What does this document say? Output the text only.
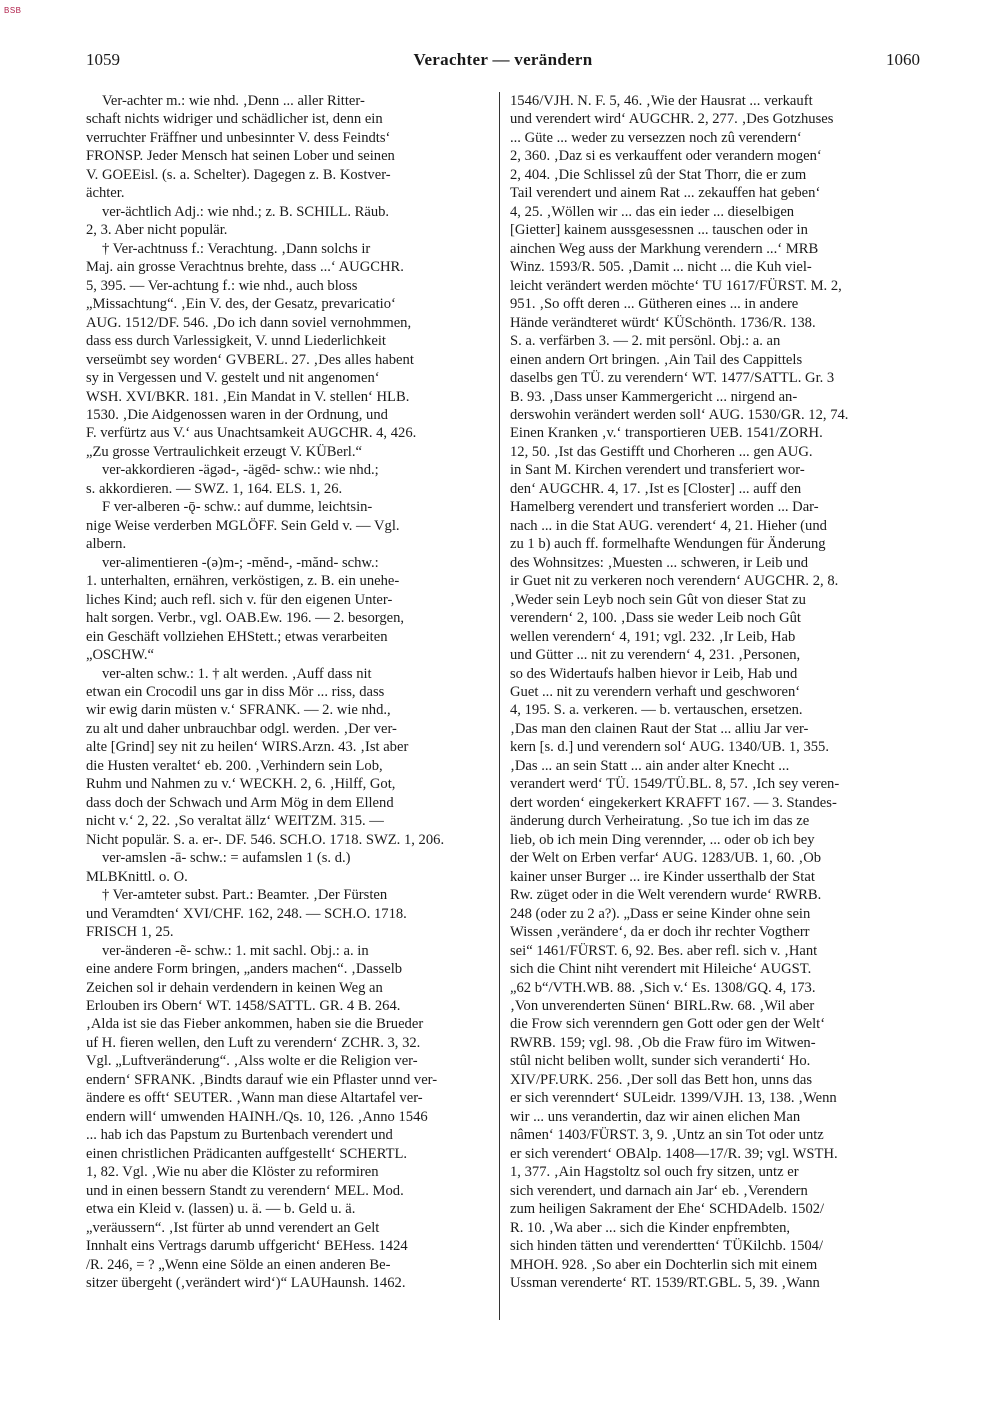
BSB
1059	Verachter — verändern	1060
Ver-achter m.: wie nhd. ‚Denn ... aller Ritter-
schaft nichts widriger und schädlicher ist, denn ein
verruchter Fräffner und unbesinnter V. dess Feindts‘
FRONSP. Jeder Mensch hat seinen Lober und seinen
V. GOEEisl. (s. a. Schelter). Dagegen z. B. Kostver-
ächter.
ver-ächtlich Adj.: wie nhd.; z. B. SCHILL. Räub.
2, 3. Aber nicht populär.
† Ver-achtnuss f.: Verachtung. ‚Dann solchs ir
Maj. ain grosse Verachtnus brehte, dass ...‘ AUGCHR.
5, 395. — Ver-achtung f.: wie nhd., auch bloss
„Missachtung“. ‚Ein V. des, der Gesatz, prevaricatio‘
AUG. 1512/DF. 546. ‚Do ich dann soviel vernohmmen,
dass ess durch Varlessigkeit, V. unnd Liederlichkeit
verseümbt sey worden‘ GVBERL. 27. ‚Des alles habent
sy in Vergessen und V. gestelt und nit angenomen‘
WSH. XVI/BKR. 181. ‚Ein Mandat in V. stellen‘ HLB.
1530. ‚Die Aidgenossen waren in der Ordnung, und
F. verfürtz aus V.‘ aus Unachtsamkeit AUGCHR. 4, 426.
„Zu grosse Vertraulichkeit erzeugt V. KÜBerl.“
ver-akkordieren -ägəd-, -ägēd- schw.: wie nhd.;
s. akkordieren. — SWZ. 1, 164. ELS. 1, 26.
F ver-alberen -ǭ- schw.: auf dumme, leichtsin-
nige Weise verderben MGLÖFF. Sein Geld v. — Vgl.
albern.
ver-alimentieren -(ə)m-; -mĕnd-, -mănd- schw.:
1. unterhalten, ernähren, verköstigen, z. B. ein unehe-
liches Kind; auch refl. sich v. für den eigenen Unter-
halt sorgen. Verbr., vgl. OAB.Ew. 196. — 2. besorgen,
ein Geschäft vollziehen EHStett.; etwas verarbeiten
„OSCHW.“
ver-alten schw.: 1. † alt werden. ‚Auff dass nit
etwan ein Crocodil uns gar in diss Mör ... riss, dass
wir ewig darin müsten v.‘ SFRANK. — 2. wie nhd.,
zu alt und daher unbrauchbar odgl. werden. ‚Der ver-
alte [Grind] sey nit zu heilen‘ WIRS.Arzn. 43. ‚Ist aber
die Husten veraltet‘ eb. 200. ‚Verhindern sein Lob,
Ruhm und Nahmen zu v.‘ WECKH. 2, 6. ‚Hilff, Got,
dass doch der Schwach und Arm Mög in dem Ellend
nicht v.‘ 2, 22. ‚So veraltat ällz‘ WEITZM. 315. —
Nicht populär. S. a. er-. DF. 546. SCH.O. 1718. SWZ. 1, 206.
ver-amslen -ā- schw.: = aufamslen 1 (s. d.)
MLBKnittl. o. O.
† Ver-amteter subst. Part.: Beamter. ‚Der Fürsten
und Veramdten‘ XVI/CHF. 162, 248. — SCH.O. 1718.
FRISCH 1, 25.
ver-änderen -ẽ- schw.: 1. mit sachl. Obj.: a. in
eine andere Form bringen, „anders machen“. ‚Dasselb
Zeichen sol ir dehain verdendern in keinen Weg an
Erlouben irs Obern‘ WT. 1458/SATTL. GR. 4 B. 264.
‚Alda ist sie das Fieber ankommen, haben sie die Brueder
uf H. fieren wellen, den Luft zu verendern‘ ZCHR. 3, 32.
Vgl. „Luftveränderung“. ‚Alss wolte er die Religion ver-
endern‘ SFRANK. ‚Bindts darauf wie ein Pflaster unnd ver-
ändere es offt‘ SEUTER. ‚Wann man diese Altartafel ver-
endern will‘ umwenden HAINH./Qs. 10, 126. ‚Anno 1546
... hab ich das Papstum zu Burtenbach verendert und
einen christlichen Prädicanten auffgestellt‘ SCHERTL.
1, 82. Vgl. ‚Wie nu aber die Klöster zu reformiren
und in einen bessern Standt zu verendern‘ MEL. Mod.
etwa ein Kleid v. (lassen) u. ä. — b. Geld u. ä.
„veräussern“. ‚Ist fürter ab unnd verendert an Gelt
Innhalt eins Vertrags darumb uffgericht‘ BEHess. 1424
/R. 246, = ? „Wenn eine Sölde an einen anderen Be-
sitzer übergeht (‚verändert wird‘)“ LAUHaunsh. 1462.
1546/VJH. N. F. 5, 46. ‚Wie der Hausrat ... verkauft
und verendert wird‘ AUGCHR. 2, 277. ‚Des Gotzhuses
... Güte ... weder zu versezzen noch zû verendern‘
2, 360. ‚Daz si es verkauffent oder verandern mogen‘
2, 404. ‚Die Schlissel zû der Stat Thorr, die er zum
Tail verendert und ainem Rat ... zekauffen hat geben‘
4, 25. ‚Wöllen wir ... das ein ieder ... dieselbigen
[Gietter] kainem aussgesessnen ... tauschen oder in
ainchen Weg auss der Markhung verendern ...‘ MRB
Winz. 1593/R. 505. ‚Damit ... nicht ... die Kuh viel-
leicht verändert werden möchte‘ TU 1617/FÜRST. M. 2,
951. ‚So offt deren ... Gütheren eines ... in andere
Hände verändteret würdt‘ KÜSchönth. 1736/R. 138.
S. a. verfärben 3. — 2. mit persönl. Obj.: a. an
einen andern Ort bringen. ‚Ain Tail des Cappittels
daselbs gen TÜ. zu verendern‘ WT. 1477/SATTL. Gr. 3
B. 93. ‚Dass unser Kammergericht ... nirgend an-
derswohin verändert werden soll‘ AUG. 1530/GR. 12, 74.
Einen Kranken ‚v.‘ transportieren UEB. 1541/ZORH.
12, 50. ‚Ist das Gestifft und Chorheren ... gen AUG.
in Sant M. Kirchen verendert und transferiert wor-
den‘ AUGCHR. 4, 17. ‚Ist es [Closter] ... auff den
Hamelberg verendert und transferiert worden ... Dar-
nach ... in die Stat AUG. verendert‘ 4, 21. Hieher (und
zu 1 b) auch ff. formelhafte Wendungen für Änderung
des Wohnsitzes: ‚Muesten ... schweren, ir Leib und
ir Guet nit zu verkeren noch verendern‘ AUGCHR. 2, 8.
‚Weder sein Leyb noch sein Gût von dieser Stat zu
verendern‘ 2, 100. ‚Dass sie weder Leib noch Gût
wellen verendern‘ 4, 191; vgl. 232. ‚Ir Leib, Hab
und Gütter ... nit zu verendern‘ 4, 231. ‚Personen,
so des Widertaufs halben hievor ir Leib, Hab und
Guet ... nit zu verendern verhaft und geschworen‘
4, 195. S. a. verkeren. — b. vertauschen, ersetzen.
‚Das man den clainen Raut der Stat ... alliu Jar ver-
kern [s. d.] und verendern sol‘ AUG. 1340/UB. 1, 355.
‚Das ... an sein Statt ... ain ander alter Knecht ...
verandert werd‘ TÜ. 1549/TÜ.BL. 8, 57. ‚Ich sey veren-
dert worden‘ eingekerkert KRAFFT 167. — 3. Standes-
änderung durch Verheiratung. ‚So tue ich im das ze
lieb, ob ich mein Ding verennder, ... oder ob ich bey
der Welt on Erben verfar‘ AUG. 1283/UB. 1, 60. ‚Ob
kainer unser Burger ... ire Kinder usserthalb der Stat
Rw. züget oder in die Welt verendern wurde‘ RWRB.
248 (oder zu 2 a?). „Dass er seine Kinder ohne sein
Wissen ‚verändere‘, da er doch ihr rechter Vogtherr
sei“ 1461/FÜRST. 6, 92. Bes. aber refl. sich v. ‚Hant
sich die Chint niht verendert mit Hileiche‘ AUGST.
„62 b“/VTH.WB. 88. ‚Sich v.‘ Es. 1308/GQ. 4, 173.
‚Von unverenderten Sünen‘ BIRL.Rw. 68. ‚Wil aber
die Frow sich verenndern gen Gott oder gen der Welt‘
RWRB. 159; vgl. 98. ‚Ob die Fraw füro im Witwen-
stûl nicht beliben wollt, sunder sich veranderti‘ Ho.
XIV/PF.URK. 256. ‚Der soll das Bett hon, unns das
er sich verenndert‘ SULeidr. 1399/VJH. 13, 138. ‚Wenn
wir ... uns verandertin, daz wir ainen elichen Man
nâmen‘ 1403/FÜRST. 3, 9. ‚Untz an sin Tot oder untz
er sich verendert‘ OBAlp. 1408—17/R. 39; vgl. WSTH.
1, 377. ‚Ain Hagstoltz sol ouch fry sitzen, untz er
sich verendert, und darnach ain Jar‘ eb. ‚Verendern
zum heiligen Sakrament der Ehe‘ SCHDAdelb. 1502/
R. 10. ‚Wa aber ... sich die Kinder enpfrembten,
sich hinden tätten und verendertten‘ TÜKilchb. 1504/
MHOH. 928. ‚So aber ein Dochterlin sich mit einem
Ussman verenderte‘ RT. 1539/RT.GBL. 5, 39. ‚Wann
